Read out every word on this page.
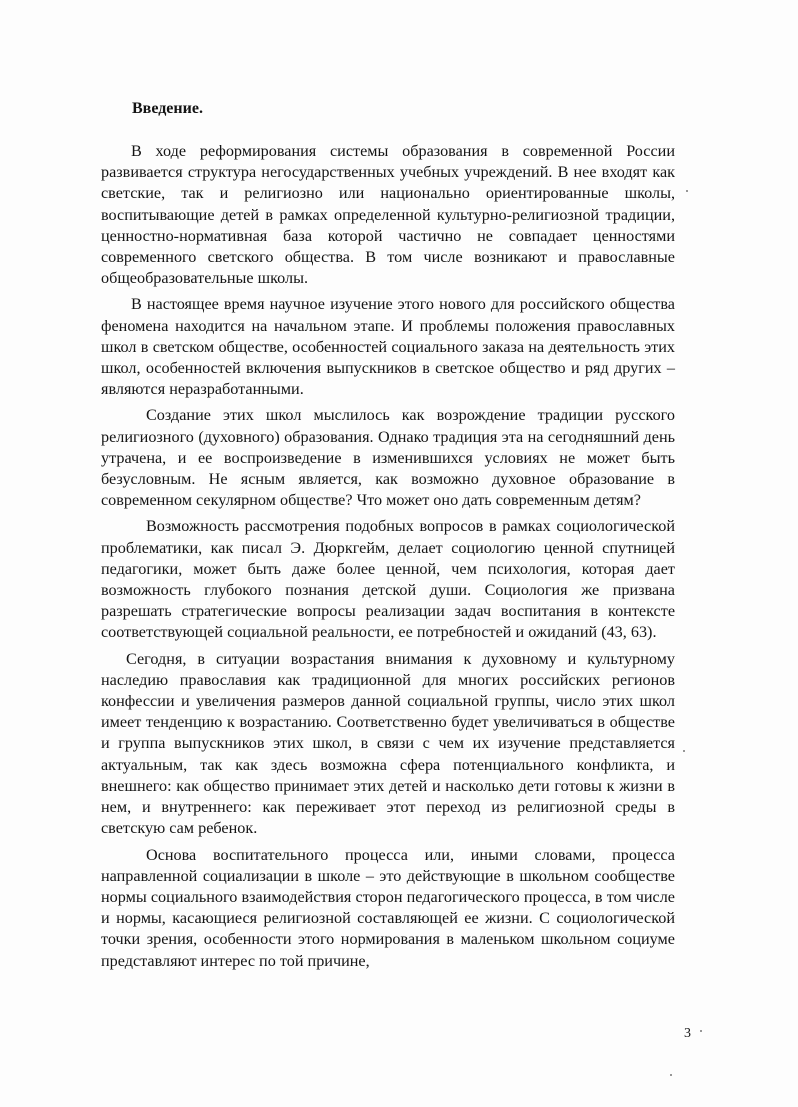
Введение.

В ходе реформирования системы образования в современной России развивается структура негосударственных учебных учреждений. В нее входят как светские, так и религиозно или национально ориентированные школы, воспитывающие детей в рамках определенной культурно-религиозной традиции, ценностно-нормативная база которой частично не совпадает ценностями современного светского общества. В том числе возникают и православные общеобразовательные школы.

В настоящее время научное изучение этого нового для российского общества феномена находится на начальном этапе. И проблемы положения православных школ в светском обществе, особенностей социального заказа на деятельность этих школ, особенностей включения выпускников в светское общество и ряд других – являются неразработанными.

Создание этих школ мыслилось как возрождение традиции русского религиозного (духовного) образования. Однако традиция эта на сегодняшний день утрачена, и ее воспроизведение в изменившихся условиях не может быть безусловным. Не ясным является, как возможно духовное образование в современном секулярном обществе? Что может оно дать современным детям?

Возможность рассмотрения подобных вопросов в рамках социологической проблематики, как писал Э. Дюркгейм, делает социологию ценной спутницей педагогики, может быть даже более ценной, чем психология, которая дает возможность глубокого познания детской души. Социология же призвана разрешать стратегические вопросы реализации задач воспитания в контексте соответствующей социальной реальности, ее потребностей и ожиданий (43, 63).

Сегодня, в ситуации возрастания внимания к духовному и культурному наследию православия как традиционной для многих российских регионов конфессии и увеличения размеров данной социальной группы, число этих школ имеет тенденцию к возрастанию. Соответственно будет увеличиваться в обществе и группа выпускников этих школ, в связи с чем их изучение представляется актуальным, так как здесь возможна сфера потенциального конфликта, и внешнего: как общество принимает этих детей и насколько дети готовы к жизни в нем, и внутреннего: как переживает этот переход из религиозной среды в светскую сам ребенок.

Основа воспитательного процесса или, иными словами, процесса направленной социализации в школе – это действующие в школьном сообществе нормы социального взаимодействия сторон педагогического процесса, в том числе и нормы, касающиеся религиозной составляющей ее жизни. С социологической точки зрения, особенности этого нормирования в маленьком школьном социуме представляют интерес по той причине,

3
